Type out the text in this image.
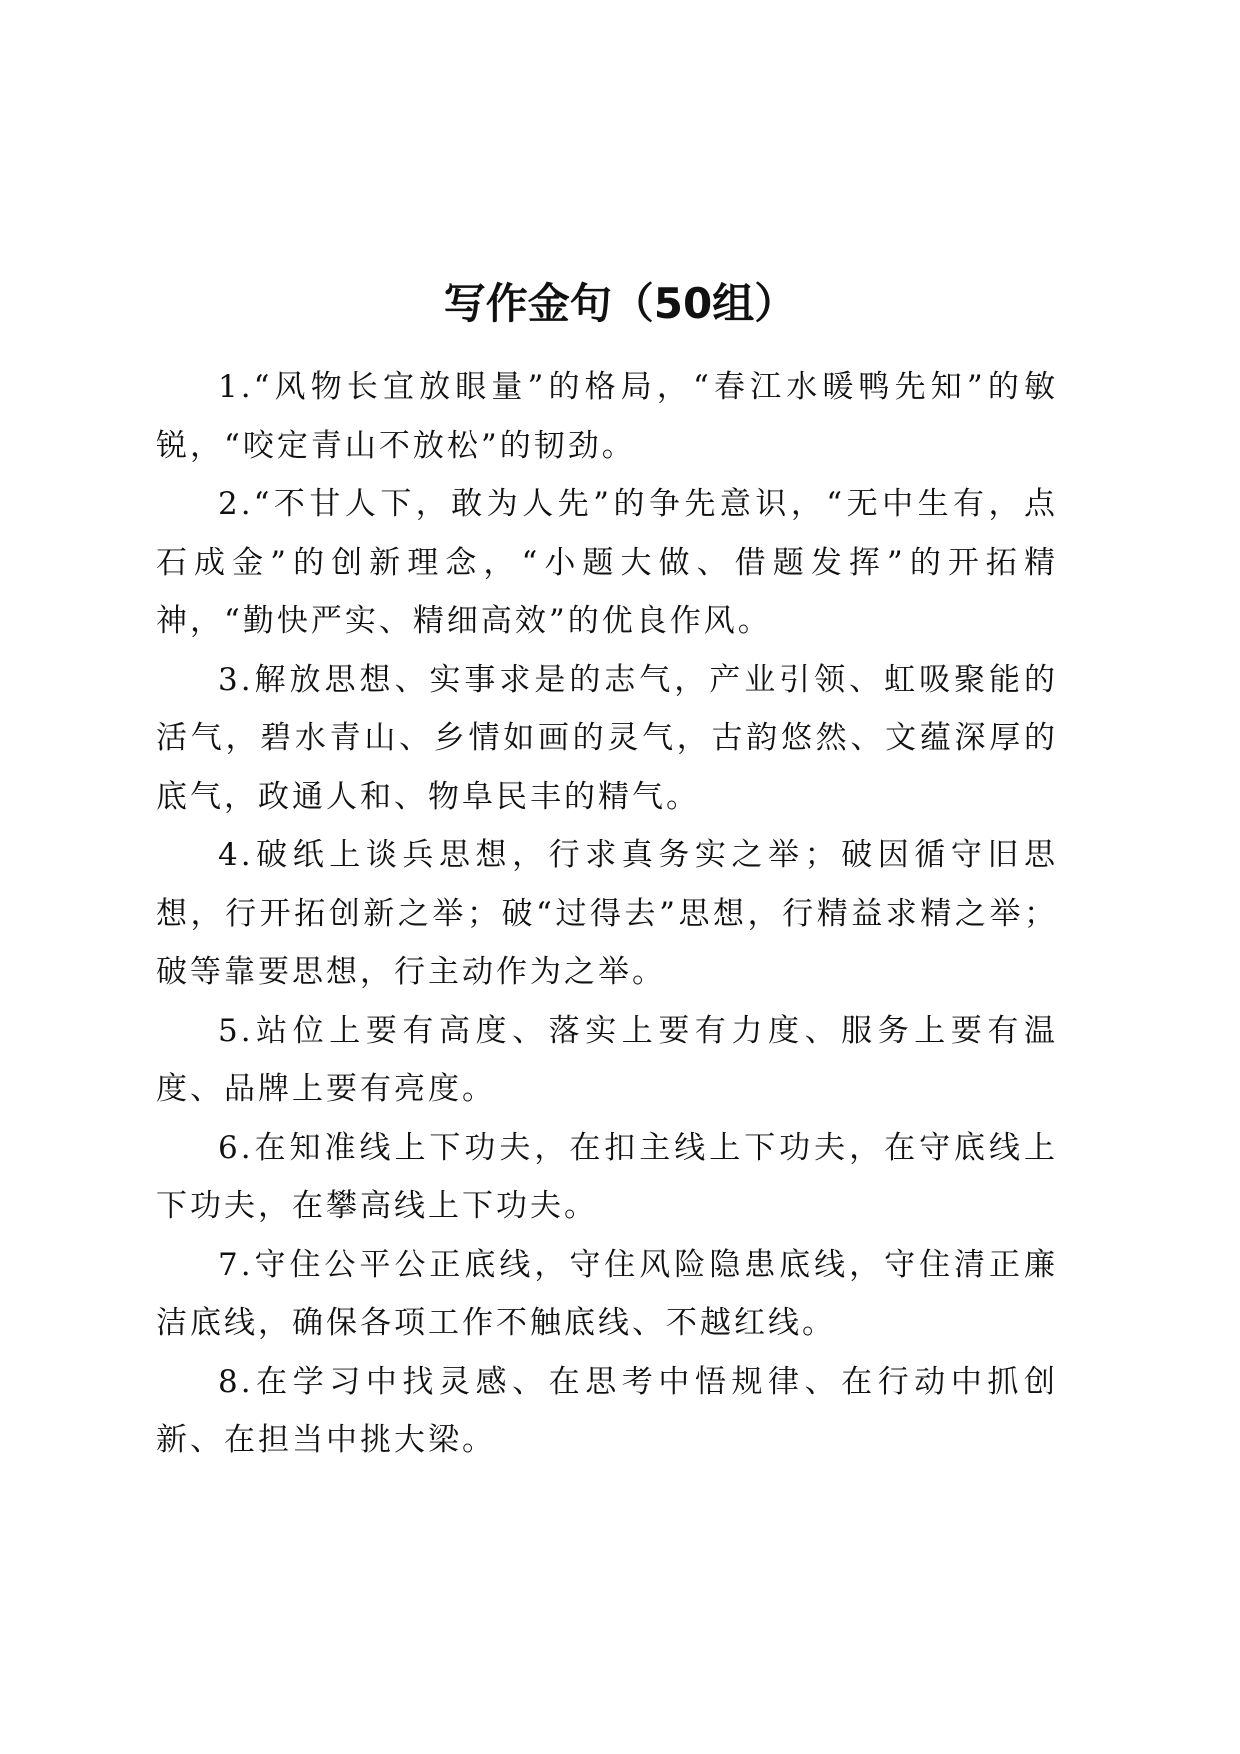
写作金句（50组）

1.“风物长宜放眼量”的格局，“春江水暖鸭先知”的敏锐，“咬定青山不放松”的韧劲。

2.“不甘人下，敢为人先”的争先意识，“无中生有，点石成金”的创新理念，“小题大做、借题发挥”的开拓精神，“勤快严实、精细高效”的优良作风。

3.解放思想、实事求是的志气，产业引领、虹吸聚能的活气，碧水青山、乡情如画的灵气，古韵悠然、文蕴深厚的底气，政通人和、物阜民丰的精气。

4.破纸上谈兵思想，行求真务实之举；破因循守旧思想，行开拓创新之举；破“过得去”思想，行精益求精之举；破等靠要思想，行主动作为之举。

5.站位上要有高度、落实上要有力度、服务上要有温度、品牌上要有亮度。

6.在知准线上下功夫，在扣主线上下功夫，在守底线上下功夫，在攀高线上下功夫。

7.守住公平公正底线，守住风险隐患底线，守住清正廉洁底线，确保各项工作不触底线、不越红线。

8.在学习中找灵感、在思考中悟规律、在行动中抓创新、在担当中挑大梁。
